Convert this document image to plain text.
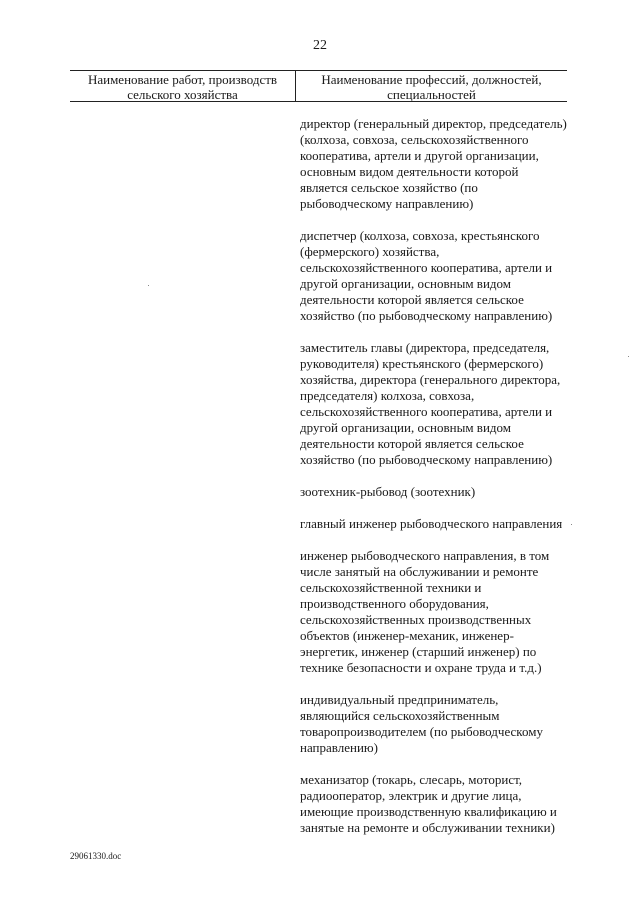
22
Наименование работ, производств сельского хозяйства
Наименование профессий, должностей, специальностей

директор (генеральный директор, председатель) (колхоза, совхоза, сельскохозяйственного кооператива, артели и другой организации, основным видом деятельности которой является сельское хозяйство (по рыбоводческому направлению)

диспетчер (колхоза, совхоза, крестьянского (фермерского) хозяйства, сельскохозяйственного кооператива, артели и другой организации, основным видом деятельности которой является сельское хозяйство (по рыбоводческому направлению)

заместитель главы (директора, председателя, руководителя) крестьянского (фермерского) хозяйства, директора (генерального директора, председателя) колхоза, совхоза, сельскохозяйственного кооператива, артели и другой организации, основным видом деятельности которой является сельское хозяйство (по рыбоводческому направлению)

зоотехник-рыбовод (зоотехник)

главный инженер рыбоводческого направления

инженер рыбоводческого направления, в том числе занятый на обслуживании и ремонте сельскохозяйственной техники и производственного оборудования, сельскохозяйственных производственных объектов (инженер-механик, инженер-энергетик, инженер (старший инженер) по технике безопасности и охране труда и т.д.)

индивидуальный предприниматель, являющийся сельскохозяйственным товаропроизводителем (по рыбоводческому направлению)

механизатор (токарь, слесарь, моторист, радиооператор, электрик и другие лица, имеющие производственную квалификацию и занятые на ремонте и обслуживании техники)

29061330.doc
